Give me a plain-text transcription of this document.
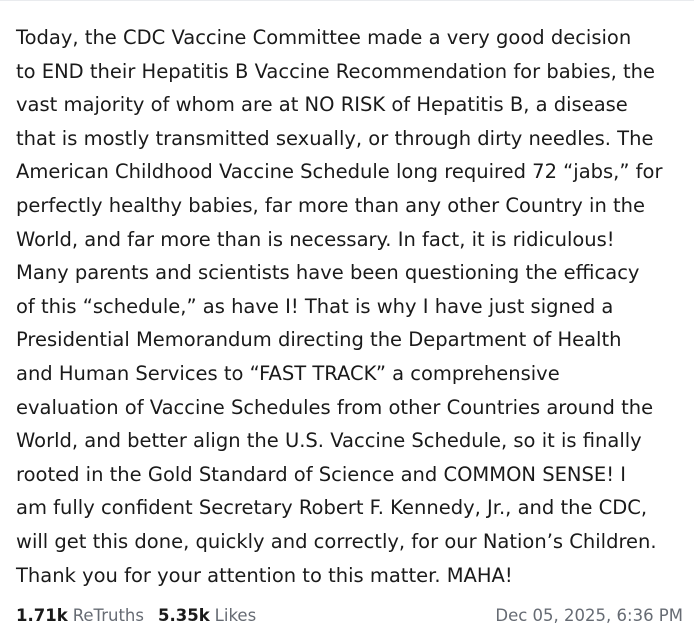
Today, the CDC Vaccine Committee made a very good decision
to END their Hepatitis B Vaccine Recommendation for babies, the
vast majority of whom are at NO RISK of Hepatitis B, a disease
that is mostly transmitted sexually, or through dirty needles. The
American Childhood Vaccine Schedule long required 72 “jabs,” for
perfectly healthy babies, far more than any other Country in the
World, and far more than is necessary. In fact, it is ridiculous!
Many parents and scientists have been questioning the efficacy
of this “schedule,” as have I! That is why I have just signed a
Presidential Memorandum directing the Department of Health
and Human Services to “FAST TRACK” a comprehensive
evaluation of Vaccine Schedules from other Countries around the
World, and better align the U.S. Vaccine Schedule, so it is finally
rooted in the Gold Standard of Science and COMMON SENSE! I
am fully confident Secretary Robert F. Kennedy, Jr., and the CDC,
will get this done, quickly and correctly, for our Nation’s Children.
Thank you for your attention to this matter. MAHA!

1.71k ReTruths 5.35k Likes	Dec 05, 2025, 6:36 PM
